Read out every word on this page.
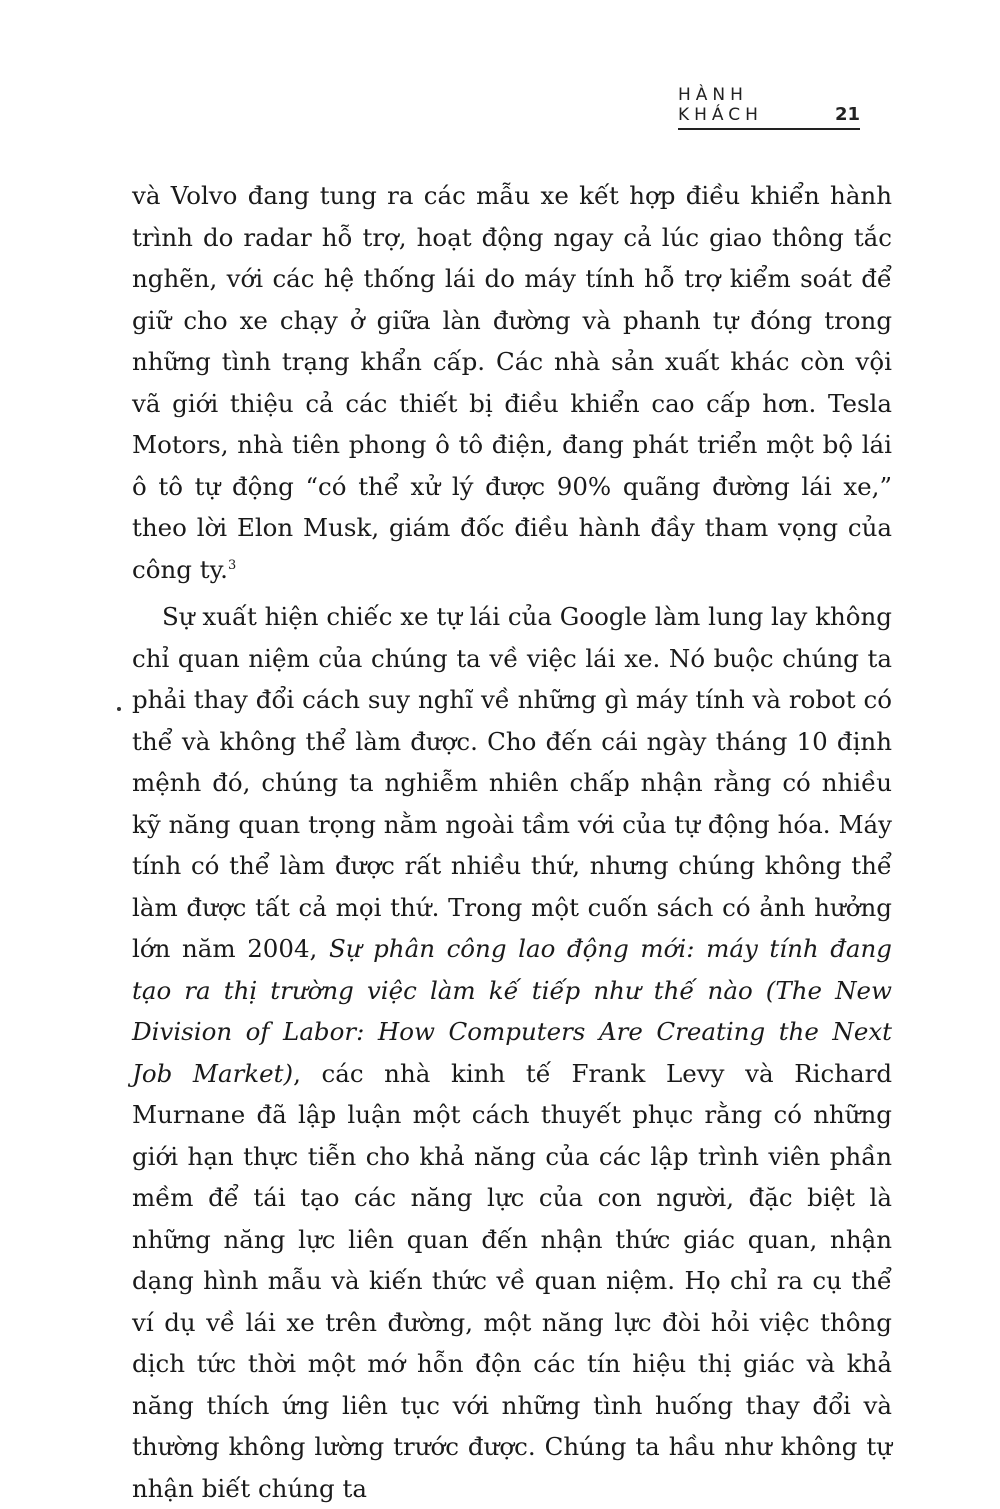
HÀNH KHÁCH	21

và Volvo đang tung ra các mẫu xe kết hợp điều khiển hành trình do radar hỗ trợ, hoạt động ngay cả lúc giao thông tắc nghẽn, với các hệ thống lái do máy tính hỗ trợ kiểm soát để giữ cho xe chạy ở giữa làn đường và phanh tự đóng trong những tình trạng khẩn cấp. Các nhà sản xuất khác còn vội vã giới thiệu cả các thiết bị điều khiển cao cấp hơn. Tesla Motors, nhà tiên phong ô tô điện, đang phát triển một bộ lái ô tô tự động “có thể xử lý được 90% quãng đường lái xe,” theo lời Elon Musk, giám đốc điều hành đầy tham vọng của công ty.$^3$

Sự xuất hiện chiếc xe tự lái của Google làm lung lay không chỉ quan niệm của chúng ta về việc lái xe. Nó buộc chúng ta phải thay đổi cách suy nghĩ về những gì máy tính và robot có thể và không thể làm được. Cho đến cái ngày tháng 10 định mệnh đó, chúng ta nghiễm nhiên chấp nhận rằng có nhiều kỹ năng quan trọng nằm ngoài tầm với của tự động hóa. Máy tính có thể làm được rất nhiều thứ, nhưng chúng không thể làm được tất cả mọi thứ. Trong một cuốn sách có ảnh hưởng lớn năm 2004, Sự phân công lao động mới: máy tính đang tạo ra thị trường việc làm kế tiếp như thế nào (The New Division of Labor: How Computers Are Creating the Next Job Market), các nhà kinh tế Frank Levy và Richard Murnane đã lập luận một cách thuyết phục rằng có những giới hạn thực tiễn cho khả năng của các lập trình viên phần mềm để tái tạo các năng lực của con người, đặc biệt là những năng lực liên quan đến nhận thức giác quan, nhận dạng hình mẫu và kiến thức về quan niệm. Họ chỉ ra cụ thể ví dụ về lái xe trên đường, một năng lực đòi hỏi việc thông dịch tức thời một mớ hỗn độn các tín hiệu thị giác và khả năng thích ứng liên tục với những tình huống thay đổi và thường không lường trước được. Chúng ta hầu như không tự nhận biết chúng ta
